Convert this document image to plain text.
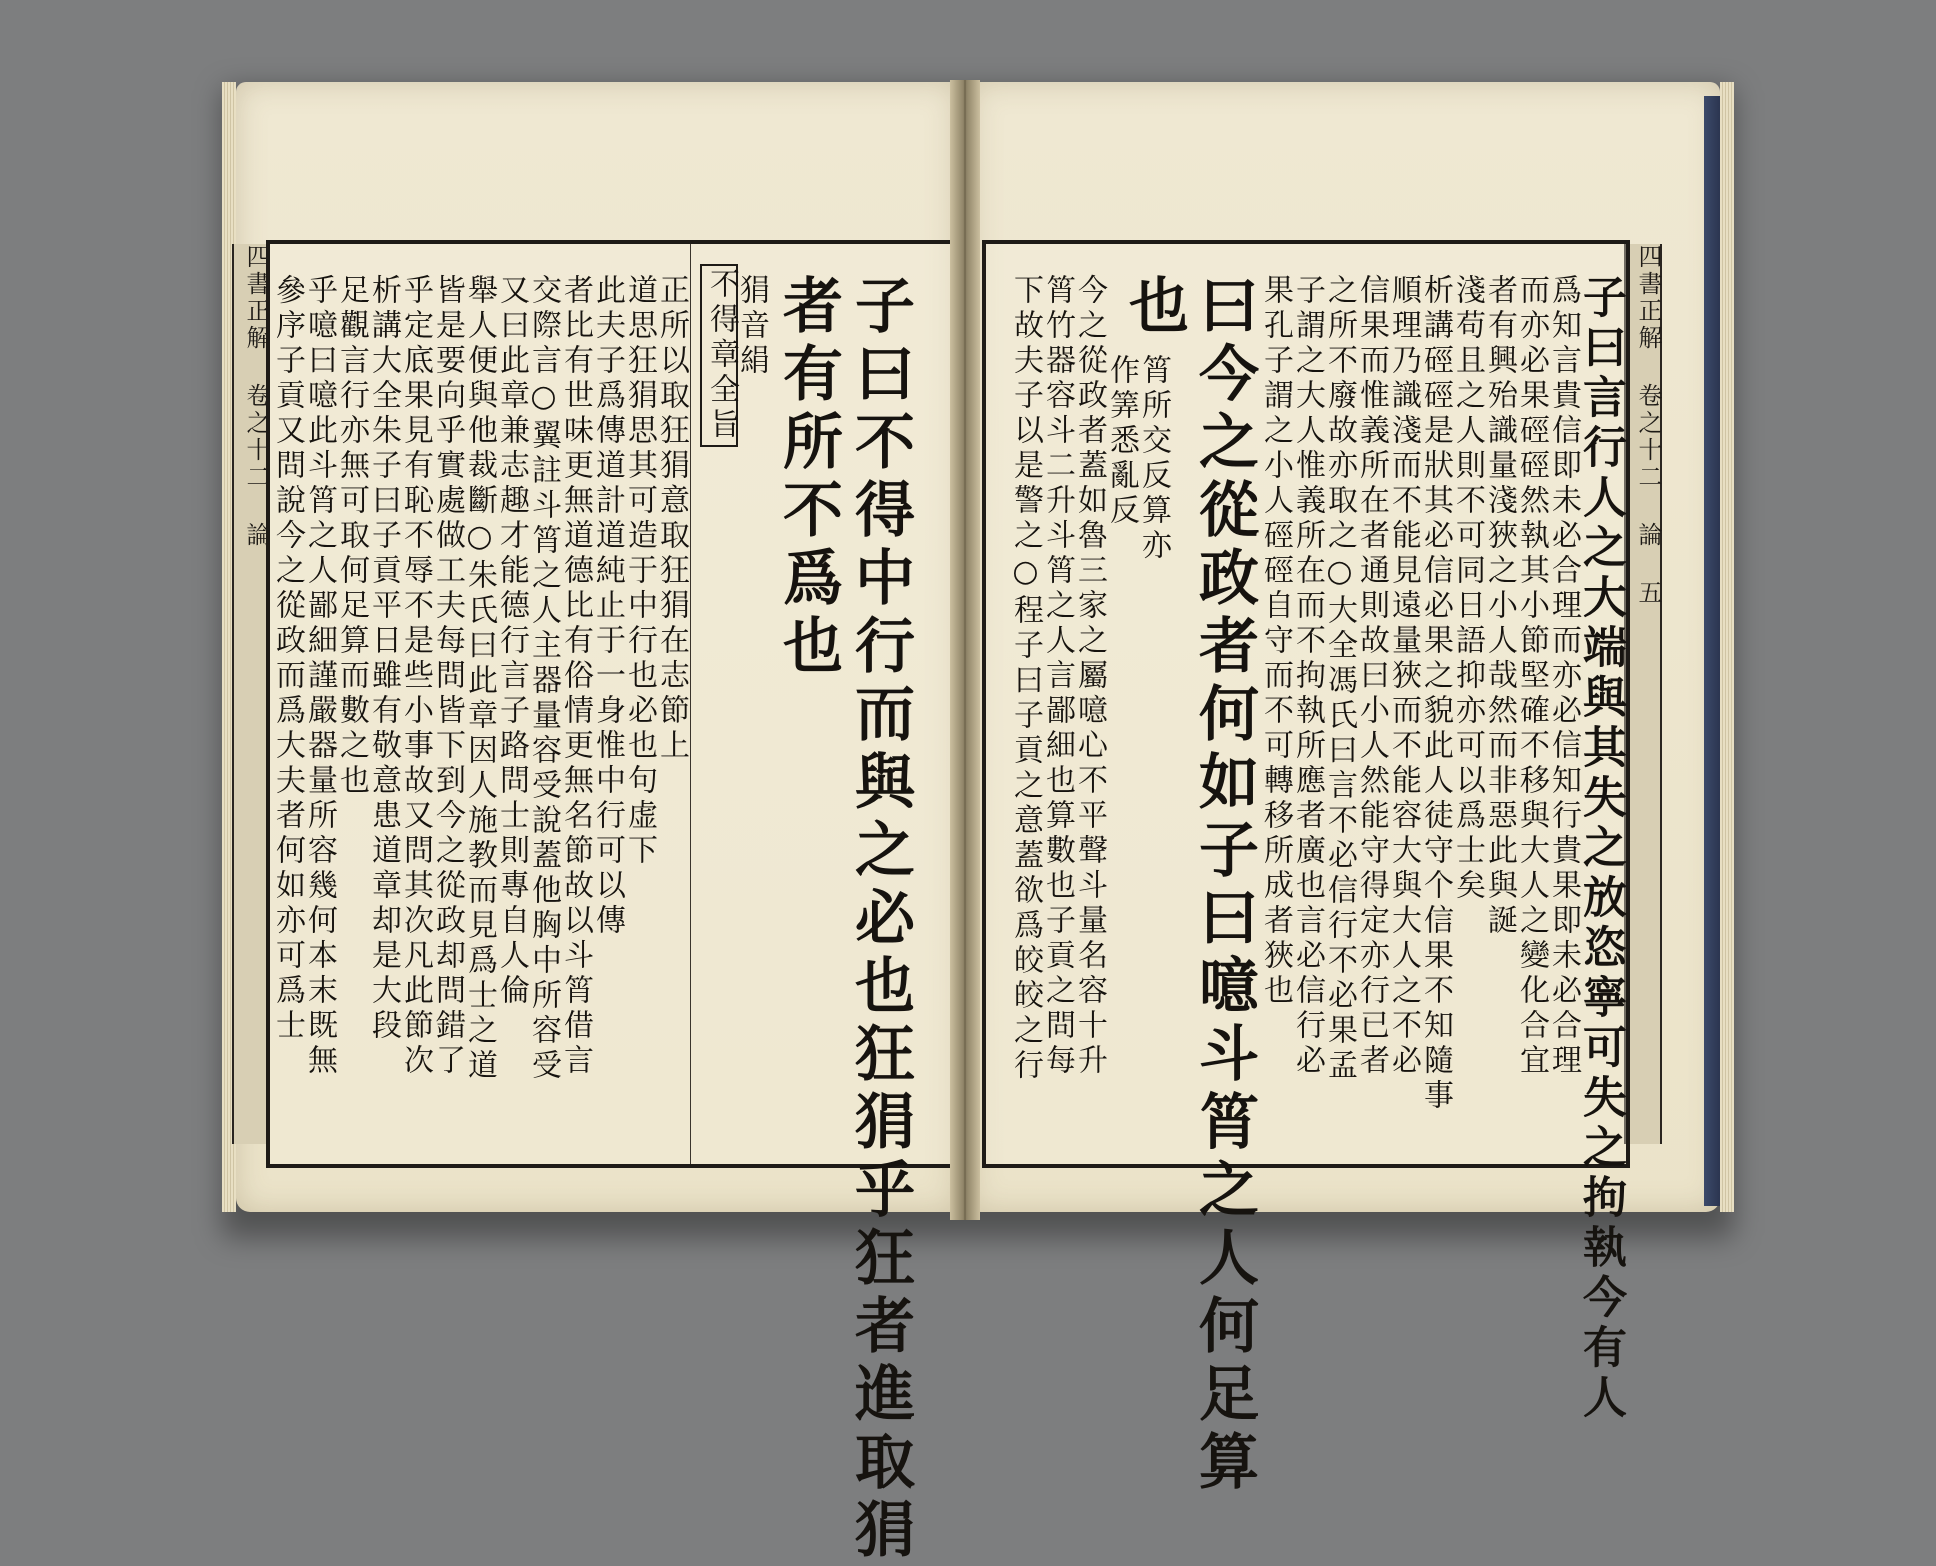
四書正解 卷之十二 論	四書正解 卷之十二 論 五
子曰不得中行而與之必也狂狷乎狂者進取狷
者有所不爲也
狷音絹
不得章全旨
正所以取狂狷意取狂狷在志節上
道思狂狷思其可造于中行也必也句虚下
此夫子爲傳道計道純止于一身惟中行可以傳
者比有世味更無道德比有俗情更無名節故以斗筲借言
交際言○翼註斗筲之人主器量容受說蓋他胸中所容受
又曰此章兼志趣才能德行言子路問士則專自人倫
舉人便與他裁斷○朱氏曰此章因人施教而見爲士之道
皆是要向乎實處做工夫每問皆下到今之從政却問錯了
乎定底果見有恥不辱不是些小事故又問其次凡此節次
析講大全朱子曰子貢平日雖有敬意患道章却是大段
足觀言行亦無可取何足算而數之也
乎噫曰噫此斗筲之人鄙細謹嚴器量所容幾何本末既無
參序子貢又問說今之從政而爲大夫者何如亦可爲士	子曰言行人之大端與其失之放恣寧可失之拘執今有人
爲知言貴信即未必合理而亦必信知行貴果即未必合理
而亦必果硜硜然執其小節堅確不移與大人之變化合宜
者有興殆識量淺狹之小人哉然而非惡此與誕
淺苟且之人則不可同日語抑亦可以爲士矣
析講硜硜是狀其必信必果之貌此人徒守个信果不知隨事
順理乃識淺而不能見遠量狹而不能容大與大人之不必
信果而惟義所在者通則故曰小人然能守得定亦行已者
之所不廢故亦取之○大全馮氏曰言不必信行不必果孟
子謂之大人惟義所在而不拘執所應者廣也言必信行必
果孔子謂之小人硜硜自守而不可轉移所成者狹也
曰今之從政者何如子曰噫斗筲之人何足算
也
筲所交反算亦
作筭悉亂反
今之從政者蓋如魯三家之屬噫心不平聲斗量名容十升
筲竹器容斗二升斗筲之人言鄙細也算數也子貢之問每
下故夫子以是警之○程子曰子貢之意蓋欲爲皎皎之行
